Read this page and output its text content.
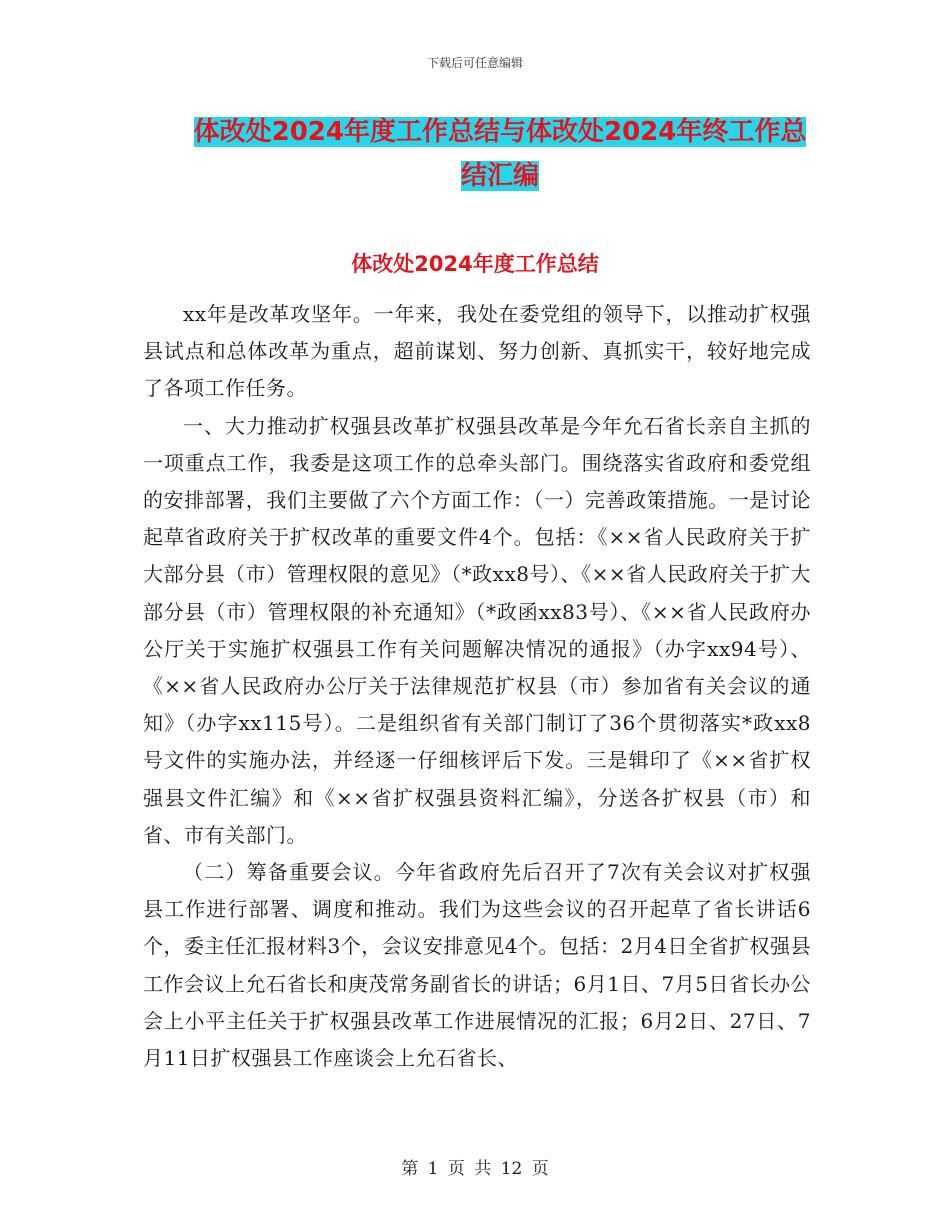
下载后可任意编辑
体改处2024年度工作总结与体改处2024年终工作总
结汇编
体改处2024年度工作总结

xx年是改革攻坚年。一年来，我处在委党组的领导下，以推动扩权强县试点和总体改革为重点，超前谋划、努力创新、真抓实干，较好地完成了各项工作任务。

一、大力推动扩权强县改革扩权强县改革是今年允石省长亲自主抓的一项重点工作，我委是这项工作的总牵头部门。围绕落实省政府和委党组的安排部署，我们主要做了六个方面工作：（一）完善政策措施。一是讨论起草省政府关于扩权改革的重要文件4个。包括：《××省人民政府关于扩大部分县（市）管理权限的意见》（*政xx8号）、《××省人民政府关于扩大部分县（市）管理权限的补充通知》（*政函xx83号）、《××省人民政府办公厅关于实施扩权强县工作有关问题解决情况的通报》（办字xx94号）、《××省人民政府办公厅关于法律规范扩权县（市）参加省有关会议的通知》（办字xx115号）。二是组织省有关部门制订了36个贯彻落实*政xx8号文件的实施办法，并经逐一仔细核评后下发。三是辑印了《××省扩权强县文件汇编》和《××省扩权强县资料汇编》，分送各扩权县（市）和省、市有关部门。

（二）筹备重要会议。今年省政府先后召开了7次有关会议对扩权强县工作进行部署、调度和推动。我们为这些会议的召开起草了省长讲话6个，委主任汇报材料3个，会议安排意见4个。包括：2月4日全省扩权强县工作会议上允石省长和庚茂常务副省长的讲话；6月1日、7月5日省长办公会上小平主任关于扩权强县改革工作进展情况的汇报；6月2日、27日、7月11日扩权强县工作座谈会上允石省长、

第 1 页 共 12 页
